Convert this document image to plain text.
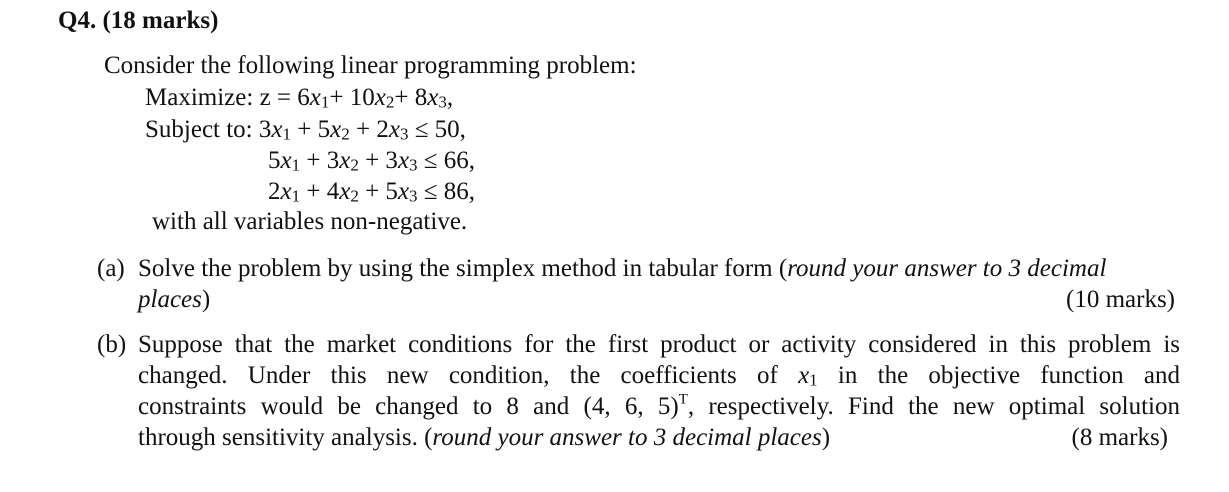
Q4. (18 marks)
Consider the following linear programming problem:
Maximize: $z = 6x_1+ 10x_2+ 8x_3$,
Subject to: $3x_1 + 5x_2 + 2x_3 \le 50$,
$5x_1 + 3x_2 + 3x_3 \le 66$,
$2x_1 + 4x_2 + 5x_3 \le 86$,
with all variables non-negative.
(a) Solve the problem by using the simplex method in tabular form (round your answer to 3 decimal places)	(10 marks)
(b) Suppose that the market conditions for the first product or activity considered in this problem is
changed. Under this new condition, the coefficients of $x_1$ in the objective function and
constraints would be changed to 8 and (4, 6, 5)$^T$, respectively. Find the new optimal solution
through sensitivity analysis. (round your answer to 3 decimal places)	(8 marks)
